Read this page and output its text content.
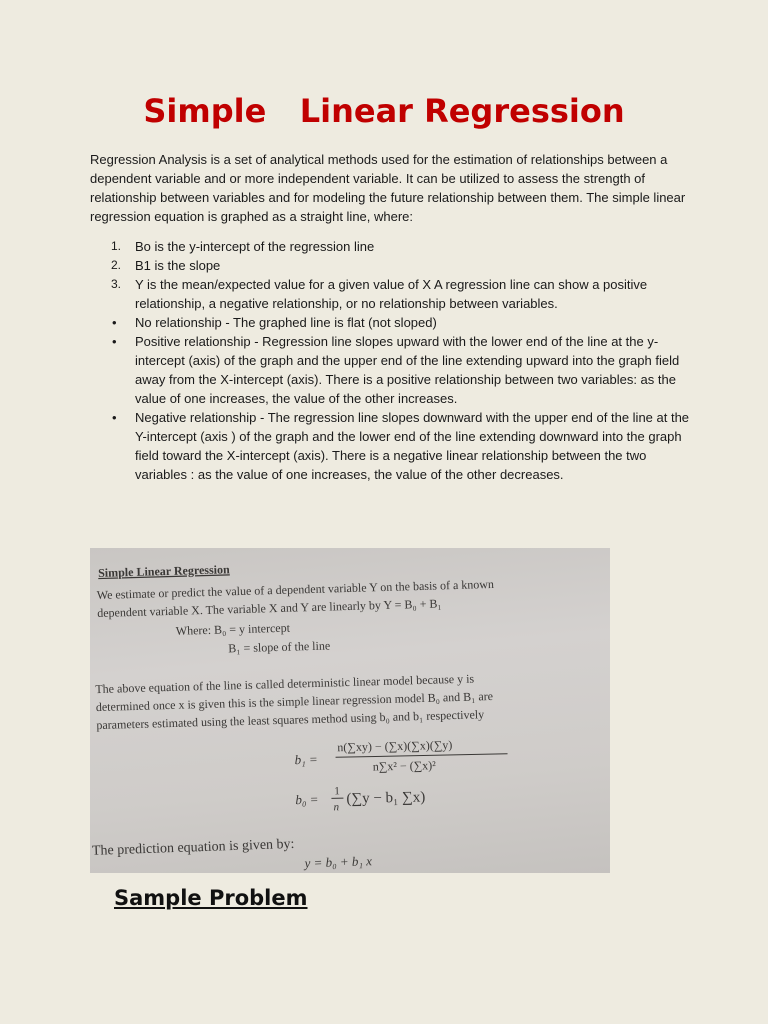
Simple   Linear Regression

Regression Analysis is a set of analytical methods used for the estimation of relationships between a dependent variable and or more independent variable. It can be utilized to assess the strength of relationship between variables and for modeling the future relationship between them. The simple linear regression equation is graphed as a straight line, where:

1. Bo is the y-intercept of the regression line
2. B1 is the slope
3. Y is the mean/expected value for a given value of X A regression line can show a positive relationship, a negative relationship, or no relationship between variables.
• No relationship - The graphed line is flat (not sloped)
• Positive relationship - Regression line slopes upward with the lower end of the line at the y-intercept (axis) of the graph and the upper end of the line extending upward into the graph field away from the X-intercept (axis). There is a positive relationship between two variables: as the value of one increases, the value of the other increases.
• Negative relationship - The regression line slopes downward with the upper end of the line at the Y-intercept (axis ) of the graph and the lower end of the line extending downward into the graph field toward the X-intercept (axis). There is a negative linear relationship between the two variables : as the value of one increases, the value of the other decreases.
Simple Linear Regression
We estimate or predict the value of a dependent variable Y on the basis of a known
dependent variable X. The variable X and Y are linearly by Y = B₀ + B₁
Where: B₀ = y intercept
B₁ = slope of the line
The above equation of the line is called deterministic linear model because y is
determined once x is given this is the simple linear regression model B₀ and B₁ are
parameters estimated using the least squares method using b₀ and b₁ respectively
b₁ =
n(∑xy) − (∑x)(∑x)(∑y)
n∑x² − (∑x)²
b₀ =
1
n
(∑y − b₁ ∑x)
The prediction equation is given by:
y = b₀ + b₁ x
Sample Problem
